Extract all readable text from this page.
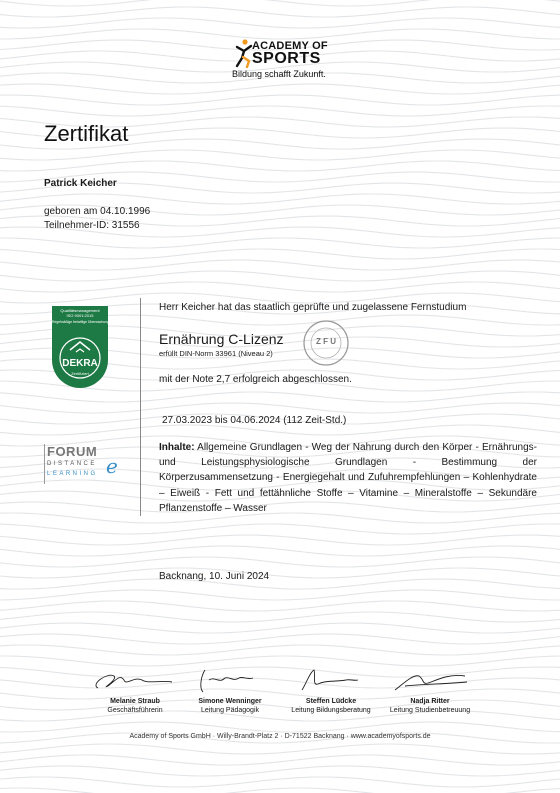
ACADEMY OF
SPORTS
Bildung schafft Zukunft.
Zertifikat
Patrick Keicher
geboren am 04.10.1996
Teilnehmer-ID: 31556
Qualitätsmanagement
ISO 9001:2015
Regelmäßige freiwillige Überwachung
DEKRA
Zertifiziert
FORUM
DISTANCE
LEARNING e
Herr Keicher hat das staatlich geprüfte und zugelassene Fernstudium
Ernährung C-Lizenz
erfüllt DIN-Norm 33961 (Niveau 2)
Z F U
mit der Note 2,7 erfolgreich abgeschlossen.
27.03.2023 bis 04.06.2024 (112 Zeit-Std.)
Inhalte: Allgemeine Grundlagen - Weg der Nahrung durch den Körper - Ernährungs- und Leistungsphysiologische Grundlagen - Bestimmung der Körperzusammensetzung - Energiegehalt und Zufuhrempfehlungen – Kohlenhydrate – Eiweiß - Fett und fettähnliche Stoffe – Vitamine – Mineralstoffe – Sekundäre Pflanzenstoffe – Wasser
Backnang, 10. Juni 2024
Melanie Straub
Geschäftsführerin
Simone Wenninger
Leitung Pädagogik
Steffen Lüdcke
Leitung Bildungsberatung
Nadja Ritter
Leitung Studienbetreuung
Academy of Sports GmbH · Willy-Brandt-Platz 2 · D-71522 Backnang · www.academyofsports.de
